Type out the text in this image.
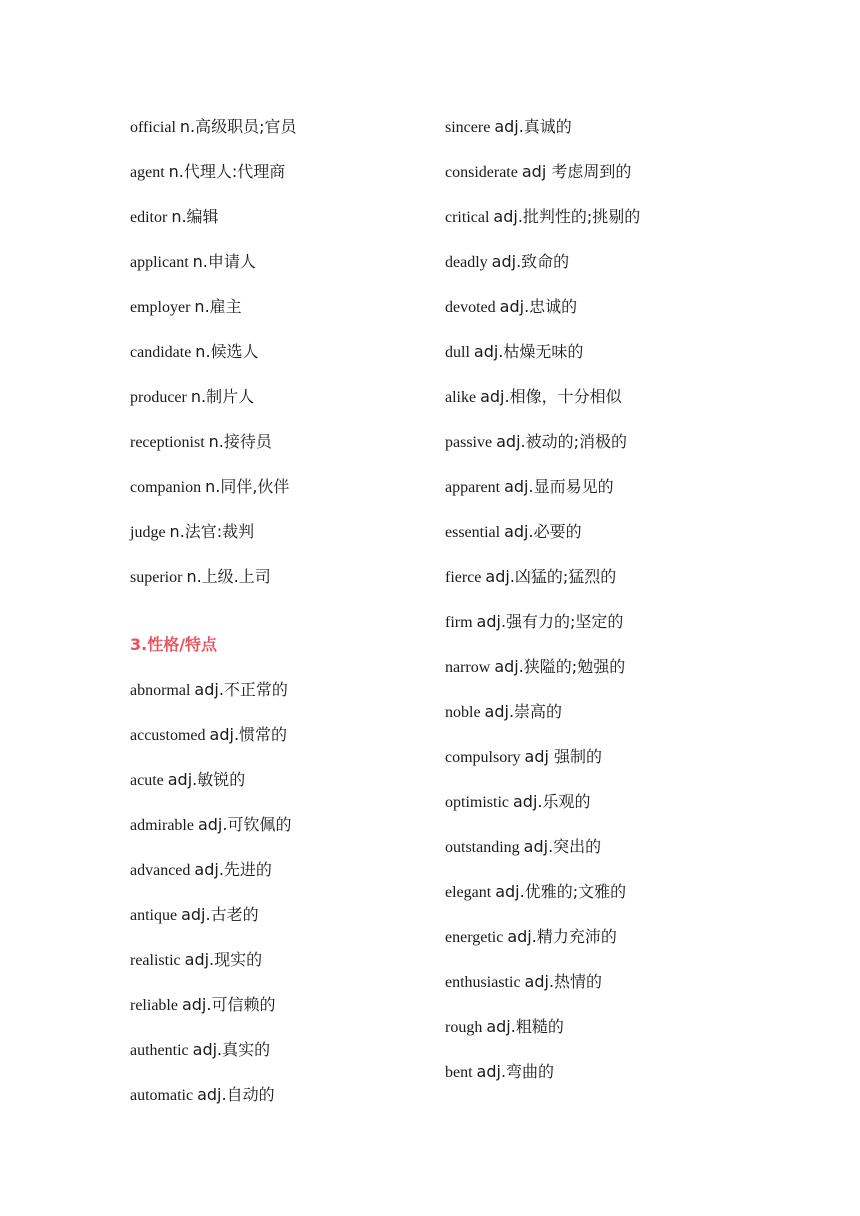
official n.高级职员;官员
agent n.代理人:代理商
editor n.编辑
applicant n.申请人
employer n.雇主
candidate n.候选人
producer n.制片人
receptionist n.接待员
companion n.同伴,伙伴
judge n.法官:裁判
superior n.上级.上司
3.性格/特点
abnormal adj.不正常的
accustomed adj.惯常的
acute adj.敏锐的
admirable adj.可钦佩的
advanced adj.先进的
antique adj.古老的
realistic adj.现实的
reliable adj.可信赖的
authentic adj.真实的
automatic adj.自动的
sincere adj.真诚的
considerate adj 考虑周到的
critical adj.批判性的;挑剔的
deadly adj.致命的
devoted adj.忠诚的
dull adj.枯燥无味的
alike adj.相像，十分相似
passive adj.被动的;消极的
apparent adj.显而易见的
essential adj.必要的
fierce adj.凶猛的;猛烈的
firm adj.强有力的;坚定的
narrow adj.狭隘的;勉强的
noble adj.崇高的
compulsory adj 强制的
optimistic adj.乐观的
outstanding adj.突出的
elegant adj.优雅的;文雅的
energetic adj.精力充沛的
enthusiastic adj.热情的
rough adj.粗糙的
bent adj.弯曲的
